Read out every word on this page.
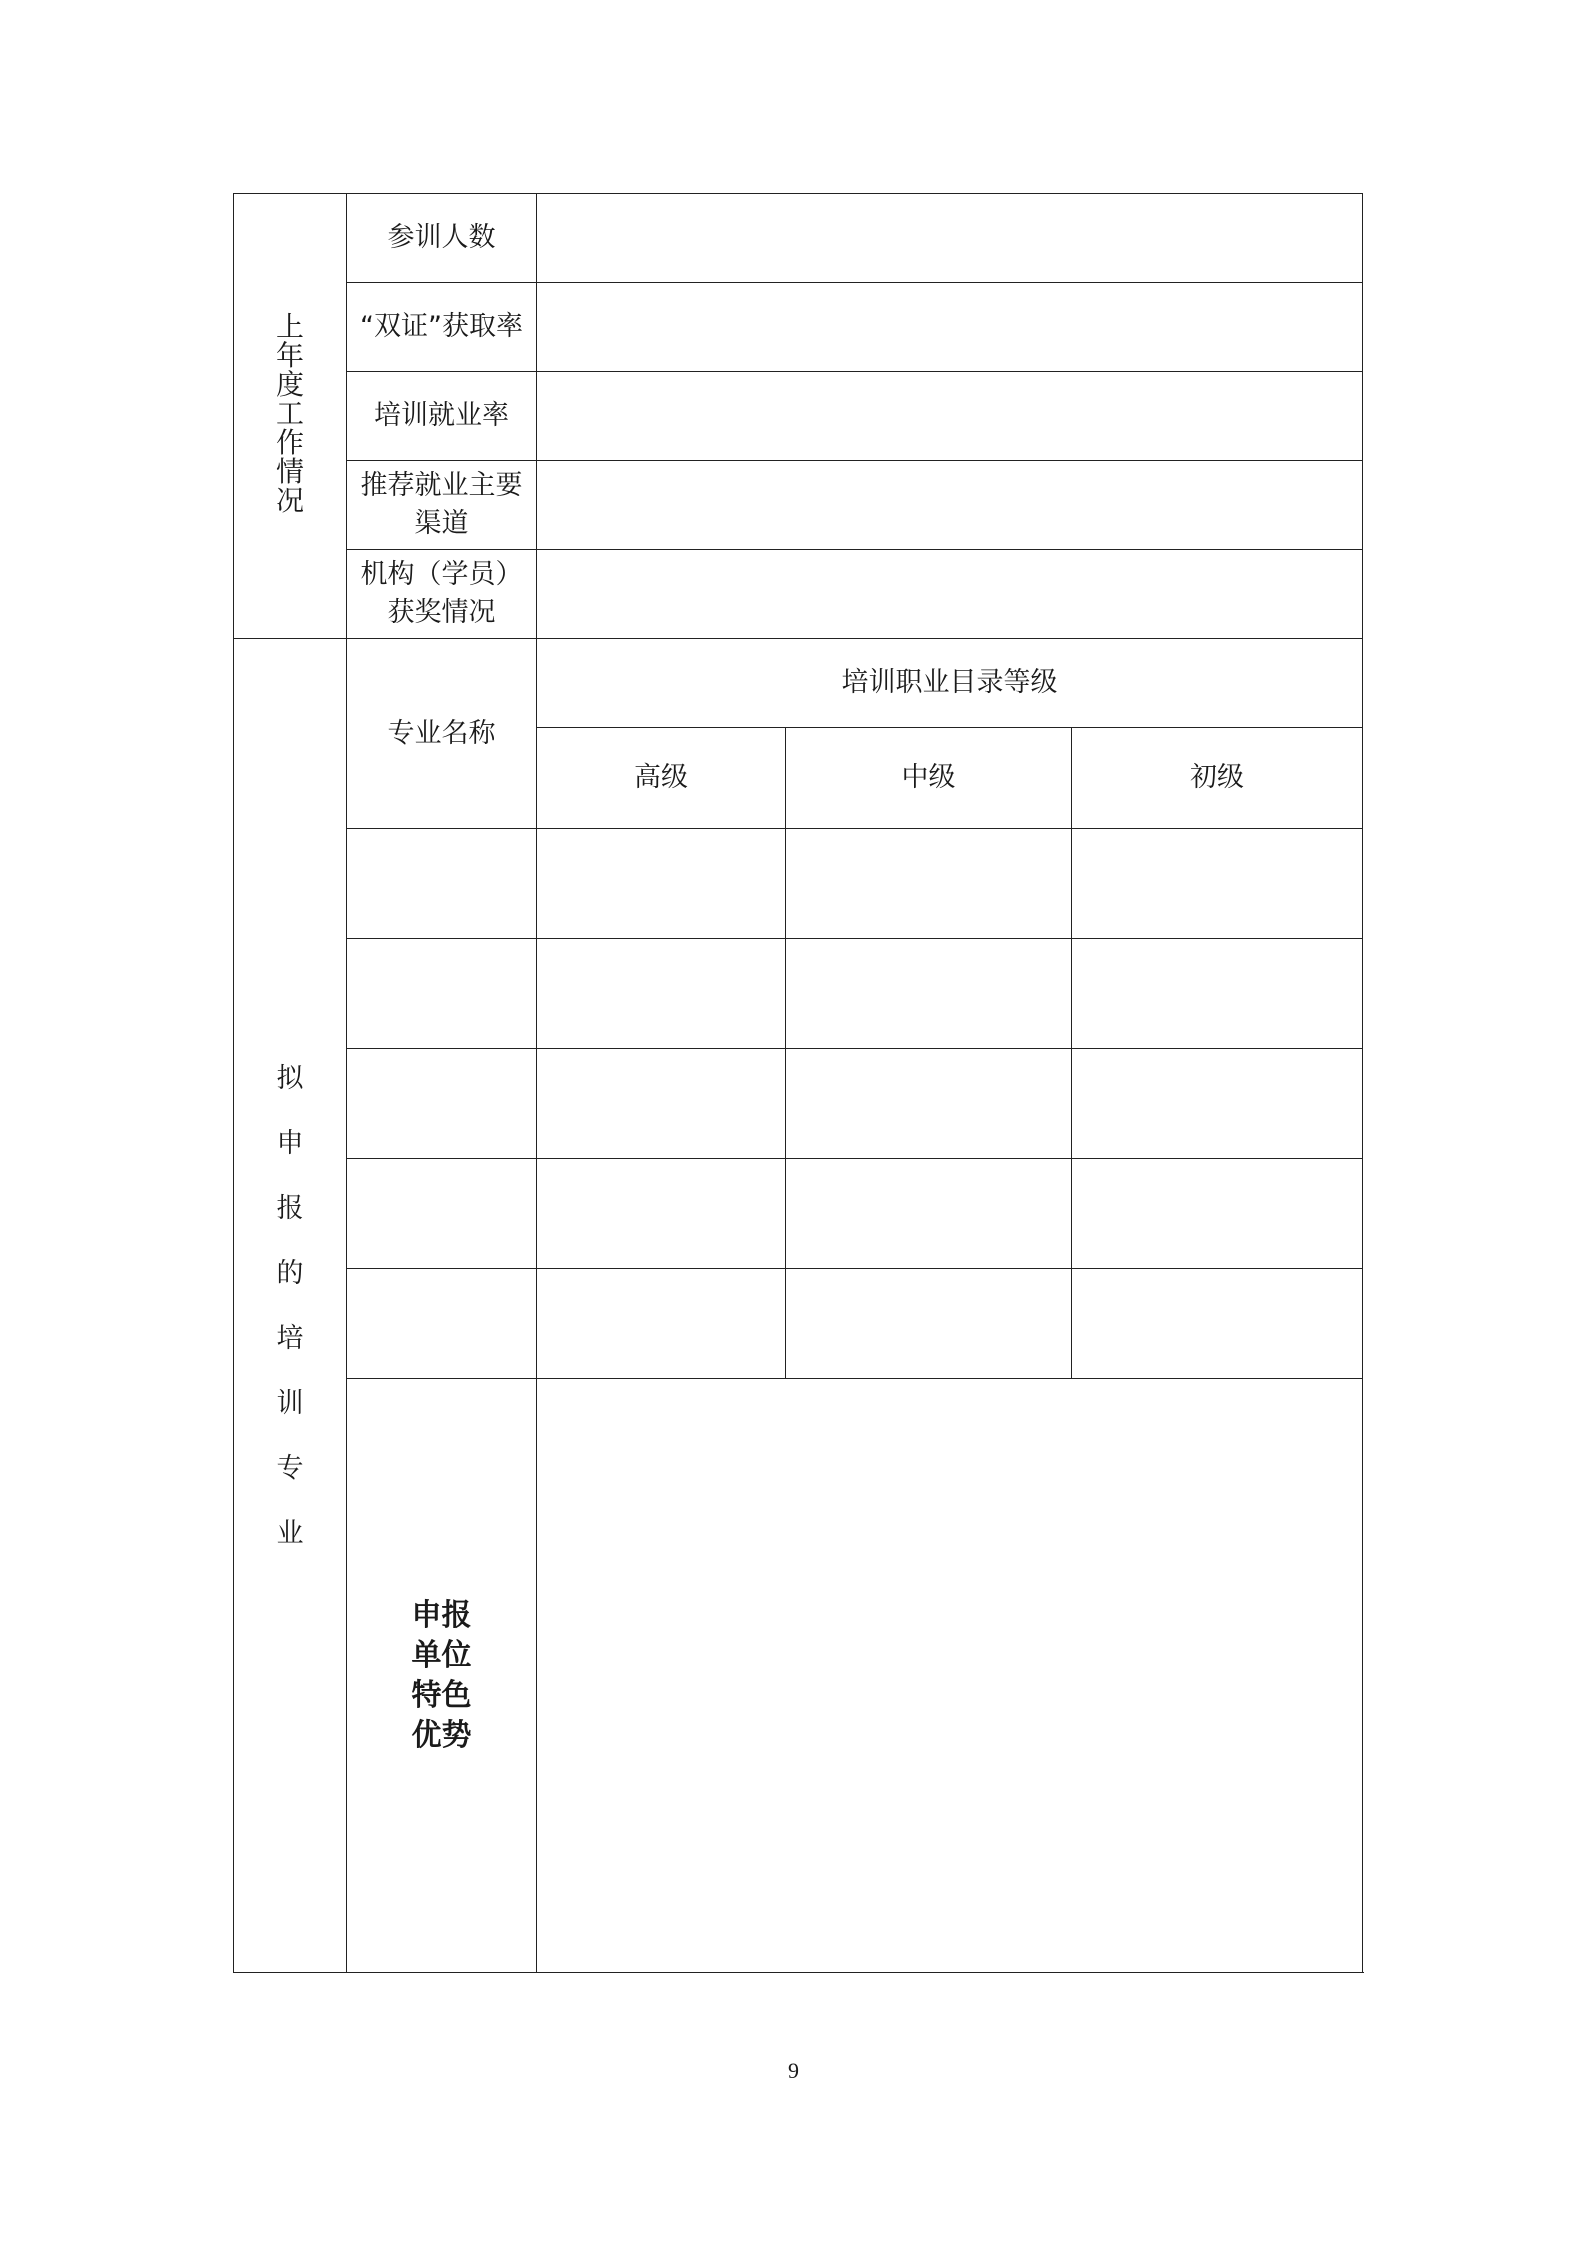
上年度工作情况	参训人数			
	“双证”获取率			
	培训就业率			
	推荐就业主要渠道			
	机构（学员）获奖情况			
拟申报的培训专业	专业名称	培训职业目录等级		
		高级	中级	初级

	申报单位特色优势			
9
